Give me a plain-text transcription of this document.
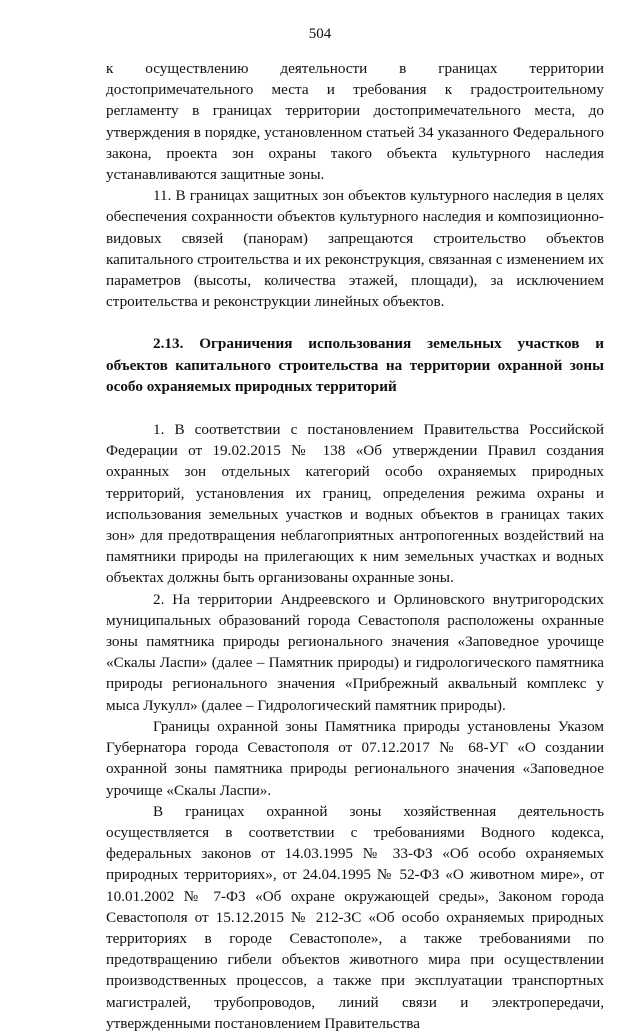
504

к осуществлению деятельности в границах территории достопримечательного места и требования к градостроительному регламенту в границах территории достопримечательного места, до утверждения в порядке, установленном статьей 34 указанного Федерального закона, проекта зон охраны такого объекта культурного наследия устанавливаются защитные зоны.

11. В границах защитных зон объектов культурного наследия в целях обеспечения сохранности объектов культурного наследия и композиционно-видовых связей (панорам) запрещаются строительство объектов капитального строительства и их реконструкция, связанная с изменением их параметров (высоты, количества этажей, площади), за исключением строительства и реконструкции линейных объектов.

2.13. Ограничения использования земельных участков и объектов капитального строительства на территории охранной зоны особо охраняемых природных территорий

1. В соответствии с постановлением Правительства Российской Федерации от 19.02.2015 № 138 «Об утверждении Правил создания охранных зон отдельных категорий особо охраняемых природных территорий, установления их границ, определения режима охраны и использования земельных участков и водных объектов в границах таких зон» для предотвращения неблагоприятных антропогенных воздействий на памятники природы на прилегающих к ним земельных участках и водных объектах должны быть организованы охранные зоны.

2. На территории Андреевского и Орлиновского внутригородских муниципальных образований города Севастополя расположены охранные зоны памятника природы регионального значения «Заповедное урочище «Скалы Ласпи» (далее – Памятник природы) и гидрологического памятника природы регионального значения «Прибрежный аквальный комплекс у мыса Лукулл» (далее – Гидрологический памятник природы).

Границы охранной зоны Памятника природы установлены Указом Губернатора города Севастополя от 07.12.2017 № 68-УГ «О создании охранной зоны памятника природы регионального значения «Заповедное урочище «Скалы Ласпи».

В границах охранной зоны хозяйственная деятельность осуществляется в соответствии с требованиями Водного кодекса, федеральных законов от 14.03.1995 № 33-ФЗ «Об особо охраняемых природных территориях», от 24.04.1995 № 52-ФЗ «О животном мире», от 10.01.2002 № 7-ФЗ «Об охране окружающей среды», Законом города Севастополя от 15.12.2015 № 212-ЗС «Об особо охраняемых природных территориях в городе Севастополе», а также требованиями по предотвращению гибели объектов животного мира при осуществлении производственных процессов, а также при эксплуатации транспортных магистралей, трубопроводов, линий связи и электропередачи, утвержденными постановлением Правительства
